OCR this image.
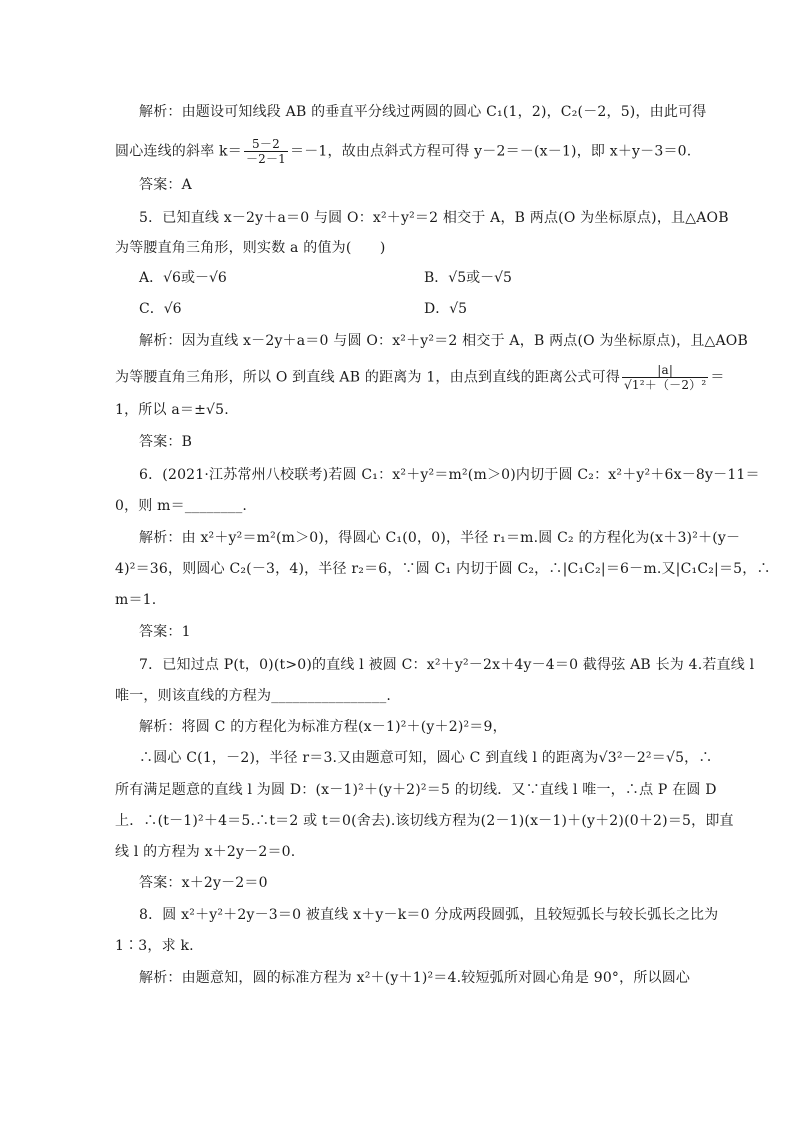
解析：由题设可知线段 AB 的垂直平分线过两圆的圆心 C₁(1，2)，C₂(－2，5)，由此可得
圆心连线的斜率 $k= \frac{5-2}{-2-1} =-1$，故由点斜式方程可得 y－2＝－(x－1)，即 x＋y－3＝0.
答案：A
5．已知直线 x－2y＋a＝0 与圆 O：x²＋y²＝2 相交于 A，B 两点(O 为坐标原点)，且△AOB
为等腰直角三角形，则实数 a 的值为(　　)
A．√6或－√6	B．√5或－√5
C．√6	D．√5
解析：因为直线 x－2y＋a＝0 与圆 O：x²＋y²＝2 相交于 A，B 两点(O 为坐标原点)，且△AOB
为等腰直角三角形，所以 O 到直线 AB 的距离为 1，由点到直线的距离公式可得 $\frac{|a|}{\text{√1²＋（－2）²}}$ ＝
1，所以 a＝±√5.
答案：B
6．(2021·江苏常州八校联考)若圆 C₁：x²＋y²＝m²(m＞0)内切于圆 C₂：x²＋y²＋6x－8y－11＝
0，则 m＝________.
解析：由 x²＋y²＝m²(m＞0)，得圆心 C₁(0，0)，半径 r₁＝m.圆 C₂ 的方程化为(x＋3)²＋(y－
4)²＝36，则圆心 C₂(－3，4)，半径 r₂＝6，∵圆 C₁ 内切于圆 C₂，∴|C₁C₂|＝6－m.又|C₁C₂|＝5，∴
m＝1.
答案：1
7．已知过点 P(t，0)(t>0)的直线 l 被圆 C：x²＋y²－2x＋4y－4＝0 截得弦 AB 长为 4.若直线 l
唯一，则该直线的方程为________________.
解析：将圆 C 的方程化为标准方程(x－1)²＋(y＋2)²＝9，
∴圆心 C(1，－2)，半径 r＝3.又由题意可知，圆心 C 到直线 l 的距离为√3²－2²＝√5，∴
所有满足题意的直线 l 为圆 D：(x－1)²＋(y＋2)²＝5 的切线．又∵直线 l 唯一，∴点 P 在圆 D
上．∴(t－1)²＋4＝5.∴t＝2 或 t＝0(舍去).该切线方程为(2－1)(x－1)＋(y＋2)(0＋2)＝5，即直
线 l 的方程为 x＋2y－2＝0.
答案：x＋2y－2＝0
8．圆 x²＋y²＋2y－3＝0 被直线 x＋y－k＝0 分成两段圆弧，且较短弧长与较长弧长之比为
1∶3，求 k.
解析：由题意知，圆的标准方程为 x²＋(y＋1)²＝4.较短弧所对圆心角是 90°，所以圆心
